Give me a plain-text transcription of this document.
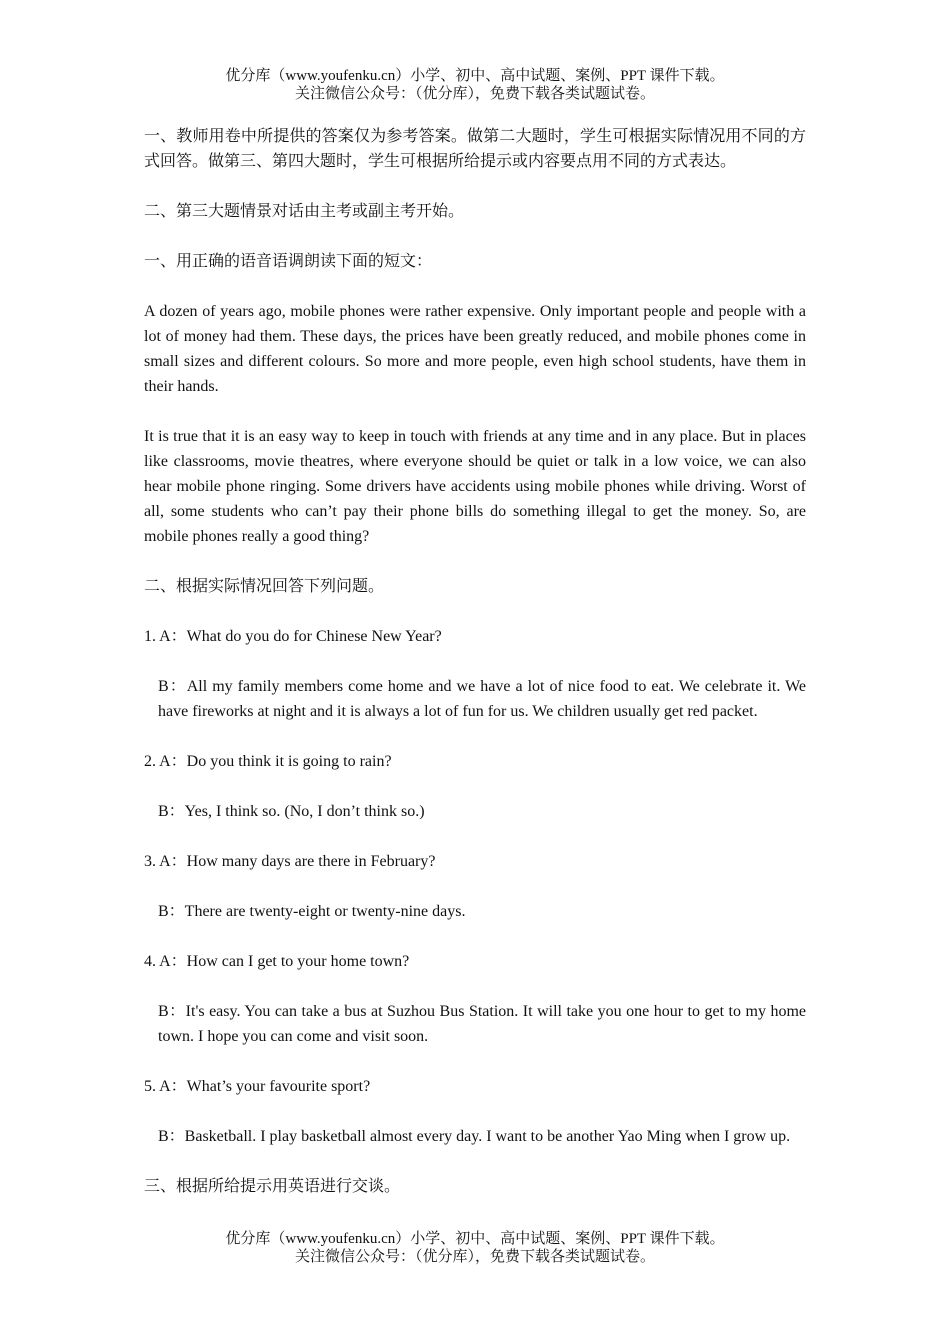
优分库（www.youfenku.cn）小学、初中、高中试题、案例、PPT 课件下载。
关注微信公众号：（优分库），免费下载各类试题试卷。

一、教师用卷中所提供的答案仅为参考答案。做第二大题时，学生可根据实际情况用不同的方式回答。做第三、第四大题时，学生可根据所给提示或内容要点用不同的方式表达。

二、第三大题情景对话由主考或副主考开始。

一、用正确的语音语调朗读下面的短文：

A dozen of years ago, mobile phones were rather expensive. Only important people and people with a lot of money had them. These days, the prices have been greatly reduced, and mobile phones come in small sizes and different colours. So more and more people, even high school students, have them in their hands.

It is true that it is an easy way to keep in touch with friends at any time and in any place. But in places like classrooms, movie theatres, where everyone should be quiet or talk in a low voice, we can also hear mobile phone ringing. Some drivers have accidents using mobile phones while driving. Worst of all, some students who can’t pay their phone bills do something illegal to get the money. So, are mobile phones really a good thing?

二、根据实际情况回答下列问题。

1. A：What do you do for Chinese New Year?

B：All my family members come home and we have a lot of nice food to eat. We celebrate it. We have fireworks at night and it is always a lot of fun for us. We children usually get red packet.

2. A：Do you think it is going to rain?

B：Yes, I think so. (No, I don’t think so.)

3. A：How many days are there in February?

B：There are twenty-eight or twenty-nine days.

4. A：How can I get to your home town?

B：It's easy. You can take a bus at Suzhou Bus Station. It will take you one hour to get to my home town. I hope you can come and visit soon.

5. A：What’s your favourite sport?

B：Basketball. I play basketball almost every day. I want to be another Yao Ming when I grow up.

三、根据所给提示用英语进行交谈。

优分库（www.youfenku.cn）小学、初中、高中试题、案例、PPT 课件下载。
关注微信公众号：（优分库），免费下载各类试题试卷。
